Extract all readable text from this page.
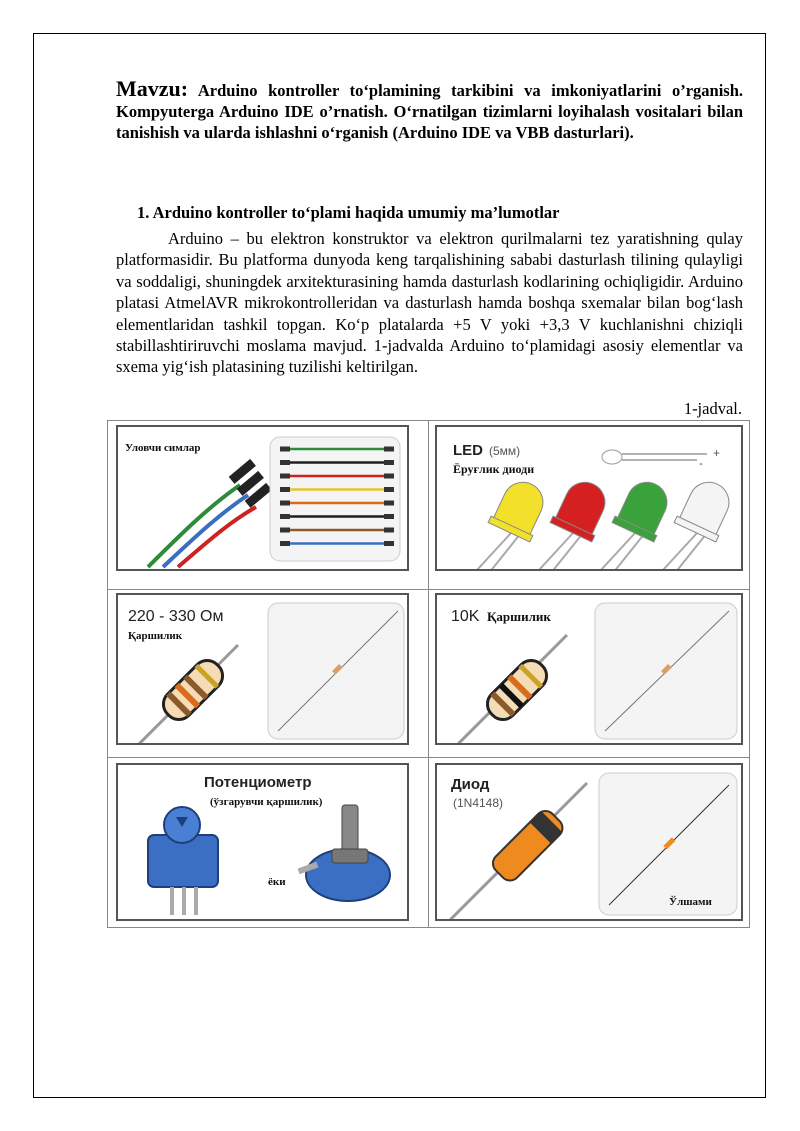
Mavzu: Arduino kontroller to‘plamining tarkibini va imkoniyatlarini o’rganish. Kompyuterga Arduino IDE o’rnatish. O‘rnatilgan tizimlarni loyihalash vositalari bilan tanishish va ularda ishlashni o‘rganish (Arduino IDE va VBB dasturlari).

1. Arduino kontroller to‘plami haqida umumiy ma’lumotlar

Arduino – bu elektron konstruktor va elektron qurilmalarni tez yaratishning qulay platformasidir. Bu platforma dunyoda keng tarqalishining sababi dasturlash tilining qulayligi va soddaligi, shuningdek arxitekturasining hamda dasturlash kodlarining ochiqligidir. Arduino platasi AtmelAVR mikrokontrolleridan va dasturlash hamda boshqa sxemalar bilan bog‘lash elementlaridan tashkil topgan. Ko‘p platalarda +5 V yoki +3,3 V kuchlanishni chiziqli stabillashtiriruvchi moslama mavjud. 1-jadvalda Arduino to‘plamidagi asosiy elementlar va sxema yig‘ish platasining tuzilishi keltirilgan.

1-jadval.

Уловчи симлар	LED (5мм)
Ёруғлик диоди
+
-
220 - 330 Ом
Қаршилик
10K Қаршилик
Потенциометр
(ўзгарувчи қаршилик)
ёки
Диод
(1N4148)
Ўлшами
